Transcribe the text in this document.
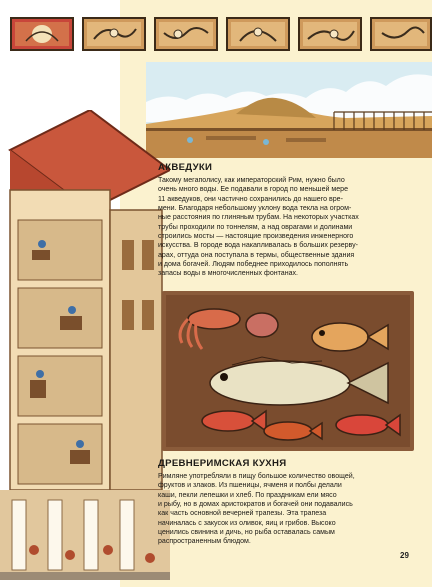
АКВЕДУКИ
Такому мегаполису, как императорский Рим, нужно было
очень много воды. Ее подавали в город по меньшей мере
11 акведуков, они частично сохранились до нашего вре-
мени. Благодаря небольшому уклону вода текла на огром-
ные расстояния по глиняным трубам. На некоторых участках
трубы проходили по тоннелям, а над оврагами и долинами
строились мосты — настоящие произведения инженерного
искусства. В городе вода накапливалась в больших резерву-
арах, оттуда она поступала в термы, общественные здания
и дома богачей. Людям победнее приходилось пополнять
запасы воды в многочисленных фонтанах.
ДРЕВНЕРИМСКАЯ КУХНЯ
Римляне употребляли в пищу большое количество овощей,
фруктов и злаков. Из пшеницы, ячменя и полбы делали
каши, пекли лепешки и хлеб. По праздникам ели мясо
и рыбу, но в домах аристократов и богачей они подавались
как часть основной вечерней трапезы. Эта трапеза
начиналась с закусок из оливок, яиц и грибов. Высоко
ценились свинина и дичь, но рыба оставалась самым
распространенным блюдом.
29
